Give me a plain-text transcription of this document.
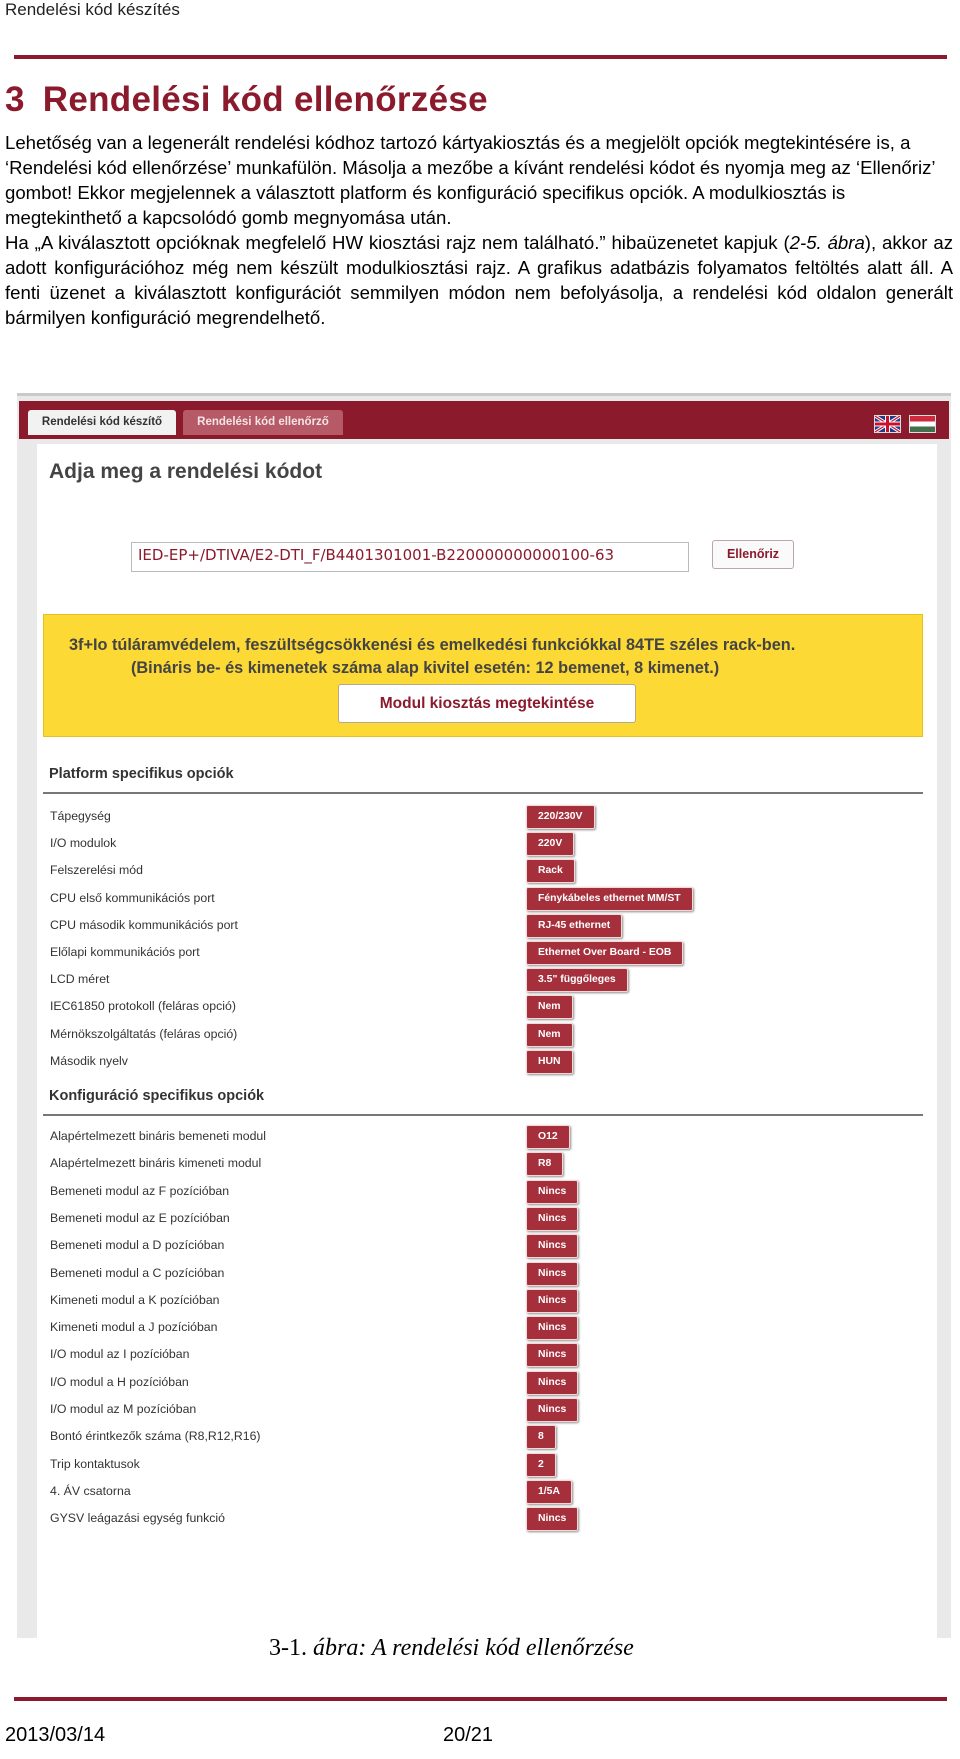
Rendelési kód készítés
3 Rendelési kód ellenőrzése

Lehetőség van a legenerált rendelési kódhoz tartozó kártyakiosztás és a megjelölt opciók megtekintésére is, a ‘Rendelési kód ellenőrzése’ munkafülön. Másolja a mezőbe a kívánt rendelési kódot és nyomja meg az ‘Ellenőriz’ gombot! Ekkor megjelennek a választott platform és konfiguráció specifikus opciók. A modulkiosztás is megtekinthető a kapcsolódó gomb megnyomása után.

Ha „A kiválasztott opcióknak megfelelő HW kiosztási rajz nem található.” hibaüzenetet kapjuk (2-5. ábra), akkor az adott konfigurációhoz még nem készült modulkiosztási rajz. A grafikus adatbázis folyamatos feltöltés alatt áll. A fenti üzenet a kiválasztott konfigurációt semmilyen módon nem befolyásolja, a rendelési kód oldalon generált bármilyen konfiguráció megrendelhető.

Rendelési kód készítő	Rendelési kód ellenőrző
Adja meg a rendelési kódot
IED-EP+/DTIVA/E2-DTI_F/B4401301001-B220000000000100-63	Ellenőriz
3f+Io túláramvédelem, feszültségcsökkenési és emelkedési funkciókkal 84TE széles rack-ben.
(Bináris be- és kimenetek száma alap kivitel esetén: 12 bemenet, 8 kimenet.)
Modul kiosztás megtekintése
Platform specifikus opciók
Tápegység	220/230V
I/O modulok	220V
Felszerelési mód	Rack
CPU első kommunikációs port	Fénykábeles ethernet MM/ST
CPU második kommunikációs port	RJ-45 ethernet
Előlapi kommunikációs port	Ethernet Over Board - EOB
LCD méret	3.5" függőleges
IEC61850 protokoll (feláras opció)	Nem
Mérnökszolgáltatás (feláras opció)	Nem
Második nyelv	HUN
Konfiguráció specifikus opciók
Alapértelmezett bináris bemeneti modul	O12
Alapértelmezett bináris kimeneti modul	R8
Bemeneti modul az F pozícióban	Nincs
Bemeneti modul az E pozícióban	Nincs
Bemeneti modul a D pozícióban	Nincs
Bemeneti modul a C pozícióban	Nincs
Kimeneti modul a K pozícióban	Nincs
Kimeneti modul a J pozícióban	Nincs
I/O modul az I pozícióban	Nincs
I/O modul a H pozícióban	Nincs
I/O modul az M pozícióban	Nincs
Bontó érintkezők száma (R8,R12,R16)	8
Trip kontaktusok	2
4. ÁV csatorna	1/5A
GYSV leágazási egység funkció	Nincs
3-1. ábra: A rendelési kód ellenőrzése
2013/03/14	20/21
